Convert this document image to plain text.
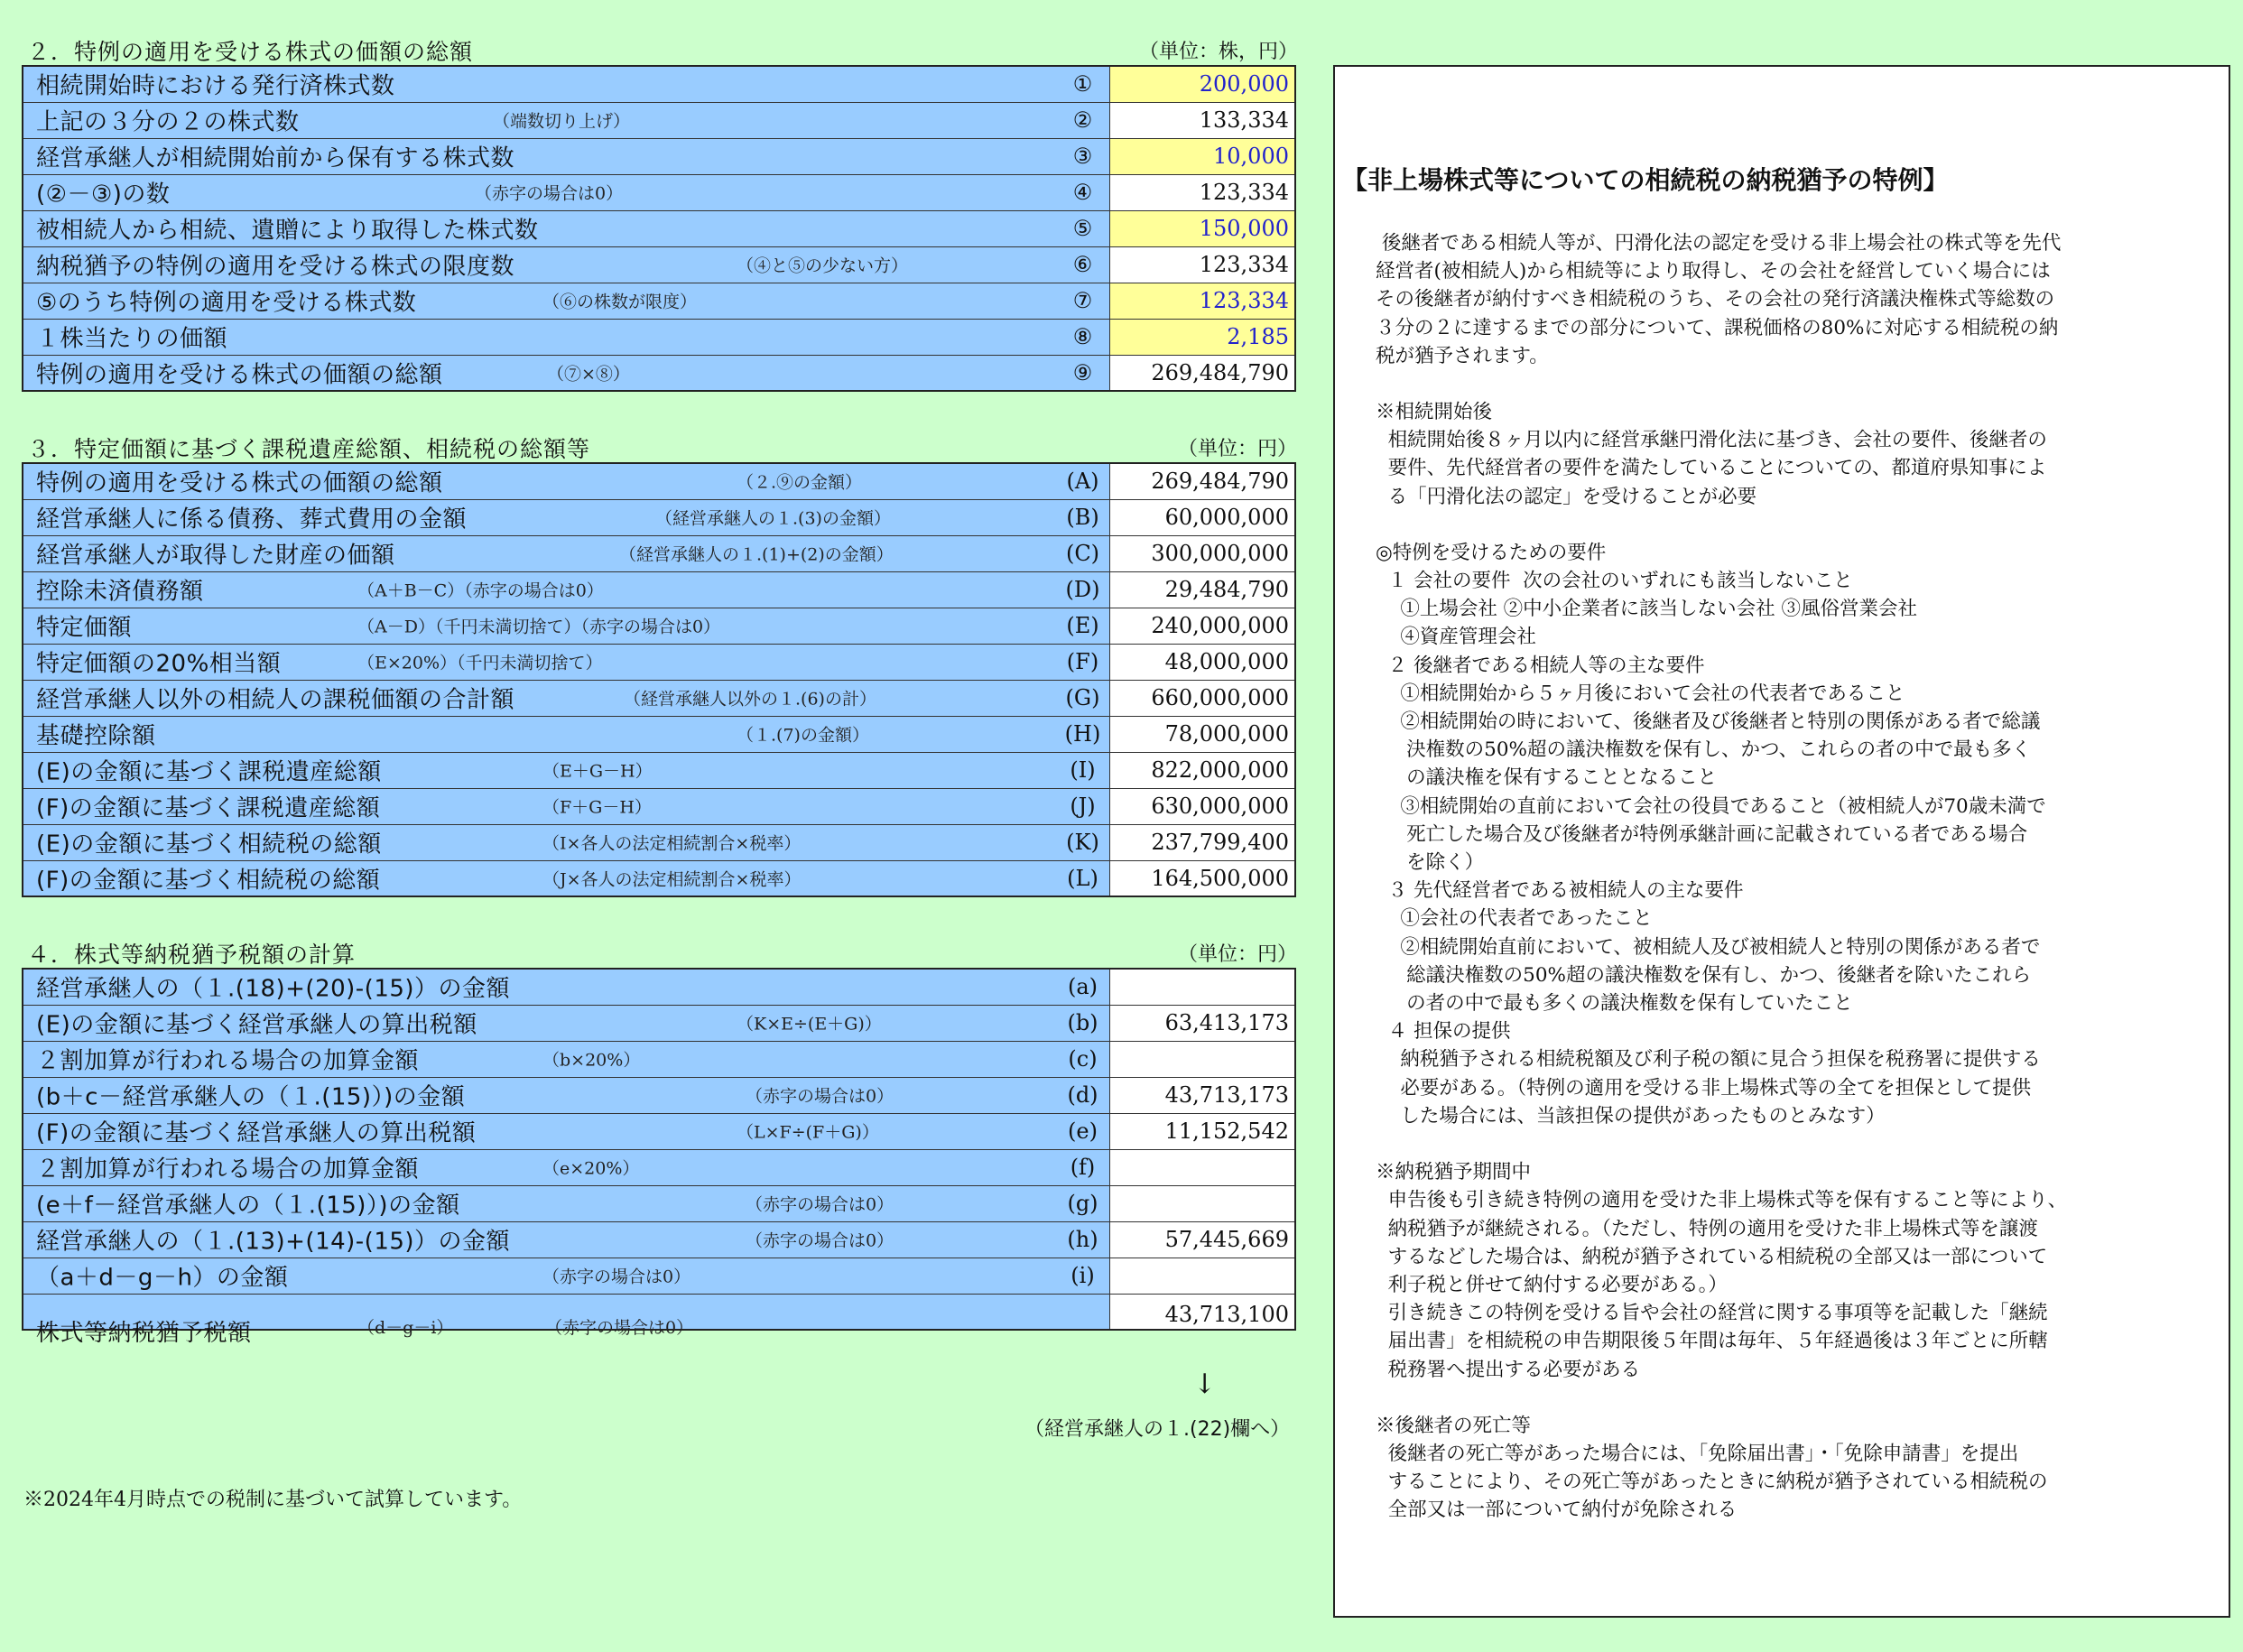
２．特例の適用を受ける株式の価額の総額	（単位：株，円）
相続開始時における発行済株式数 ①	200,000

上記の３分の２の株式数 （端数切り上げ） ②	133,334

経営承継人が相続開始前から保有する株式数 ③	10,000

(②－③)の数 （赤字の場合は0） ④	123,334

被相続人から相続、遺贈により取得した株式数 ⑤	150,000

納税猶予の特例の適用を受ける株式の限度数 （④と⑤の少ない方） ⑥	123,334

⑤のうち特例の適用を受ける株式数 （⑥の株数が限度） ⑦	123,334

１株当たりの価額 ⑧	2,185

特例の適用を受ける株式の価額の総額 （⑦×⑧） ⑨	269,484,790
３．特定価額に基づく課税遺産総額、相続税の総額等	（単位：円）
特例の適用を受ける株式の価額の総額 （２.⑨の金額） (A)	269,484,790

経営承継人に係る債務、葬式費用の金額 （経営承継人の１.(3)の金額） (B)	60,000,000

経営承継人が取得した財産の価額 （経営承継人の１.(1)+(2)の金額） (C)	300,000,000

控除未済債務額 （A＋B－C）（赤字の場合は0） (D)	29,484,790

特定価額 （A－D）（千円未満切捨て）（赤字の場合は0） (E)	240,000,000

特定価額の20%相当額 （E×20%）（千円未満切捨て） (F)	48,000,000

経営承継人以外の相続人の課税価額の合計額 （経営承継人以外の１.(6)の計） (G)	660,000,000

基礎控除額 （１.(7)の金額） (H)	78,000,000

(E)の金額に基づく課税遺産総額 （E＋G－H） (I)	822,000,000

(F)の金額に基づく課税遺産総額 （F＋G－H） (J)	630,000,000

(E)の金額に基づく相続税の総額 （I×各人の法定相続割合×税率） (K)	237,799,400

(F)の金額に基づく相続税の総額 （J×各人の法定相続割合×税率） (L)	164,500,000
４．株式等納税猶予税額の計算	（単位：円）
経営承継人の（１.(18)+(20)-(15)）の金額 (a)	

(E)の金額に基づく経営承継人の算出税額 （K×E÷(E＋G)） (b)	63,413,173

２割加算が行われる場合の加算金額 （b×20%） (c)	

(b＋c－経営承継人の（１.(15)）)の金額 （赤字の場合は0） (d)	43,713,173

(F)の金額に基づく経営承継人の算出税額 （L×F÷(F＋G)） (e)	11,152,542

２割加算が行われる場合の加算金額 （e×20%） (f)	

(e＋f－経営承継人の（１.(15)）)の金額 （赤字の場合は0） (g)	

経営承継人の（１.(13)+(14)-(15)）の金額 （赤字の場合は0） (h)	57,445,669

（a＋d－g－h）の金額 （赤字の場合は0） (i)	

株式等納税猶予税額 （d－g－i） （赤字の場合は0）	43,713,100
↓
（経営承継人の１.(22)欄へ）
※2024年4月時点での税制に基づいて試算しています。
【非上場株式等についての相続税の納税猶予の特例】

後継者である相続人等が、円滑化法の認定を受ける非上場会社の株式等を先代

経営者(被相続人)から相続等により取得し、その会社を経営していく場合には

その後継者が納付すべき相続税のうち、その会社の発行済議決権株式等総数の

３分の２に達するまでの部分について、課税価格の80%に対応する相続税の納

税が猶予されます。

※相続開始後

相続開始後８ヶ月以内に経営承継円滑化法に基づき、会社の要件、後継者の

要件、先代経営者の要件を満たしていることについての、都道府県知事によ

る「円滑化法の認定」を受けることが必要

◎特例を受けるための要件

１ 会社の要件  次の会社のいずれにも該当しないこと

①上場会社 ②中小企業者に該当しない会社 ③風俗営業会社

④資産管理会社

２ 後継者である相続人等の主な要件

①相続開始から５ヶ月後において会社の代表者であること

②相続開始の時において、後継者及び後継者と特別の関係がある者で総議

決権数の50%超の議決権数を保有し、かつ、これらの者の中で最も多く

の議決権を保有することとなること

③相続開始の直前において会社の役員であること（被相続人が70歳未満で

死亡した場合及び後継者が特例承継計画に記載されている者である場合

を除く）

３ 先代経営者である被相続人の主な要件

①会社の代表者であったこと

②相続開始直前において、被相続人及び被相続人と特別の関係がある者で

総議決権数の50%超の議決権数を保有し、かつ、後継者を除いたこれら

の者の中で最も多くの議決権数を保有していたこと

４ 担保の提供

納税猶予される相続税額及び利子税の額に見合う担保を税務署に提供する

必要がある。（特例の適用を受ける非上場株式等の全てを担保として提供

した場合には、当該担保の提供があったものとみなす）

※納税猶予期間中

申告後も引き続き特例の適用を受けた非上場株式等を保有すること等により、

納税猶予が継続される。（ただし、特例の適用を受けた非上場株式等を譲渡

するなどした場合は、納税が猶予されている相続税の全部又は一部について

利子税と併せて納付する必要がある。）

引き続きこの特例を受ける旨や会社の経営に関する事項等を記載した「継続

届出書」を相続税の申告期限後５年間は毎年、５年経過後は３年ごとに所轄

税務署へ提出する必要がある

※後継者の死亡等

後継者の死亡等があった場合には、「免除届出書」・「免除申請書」を提出

することにより、その死亡等があったときに納税が猶予されている相続税の

全部又は一部について納付が免除される
